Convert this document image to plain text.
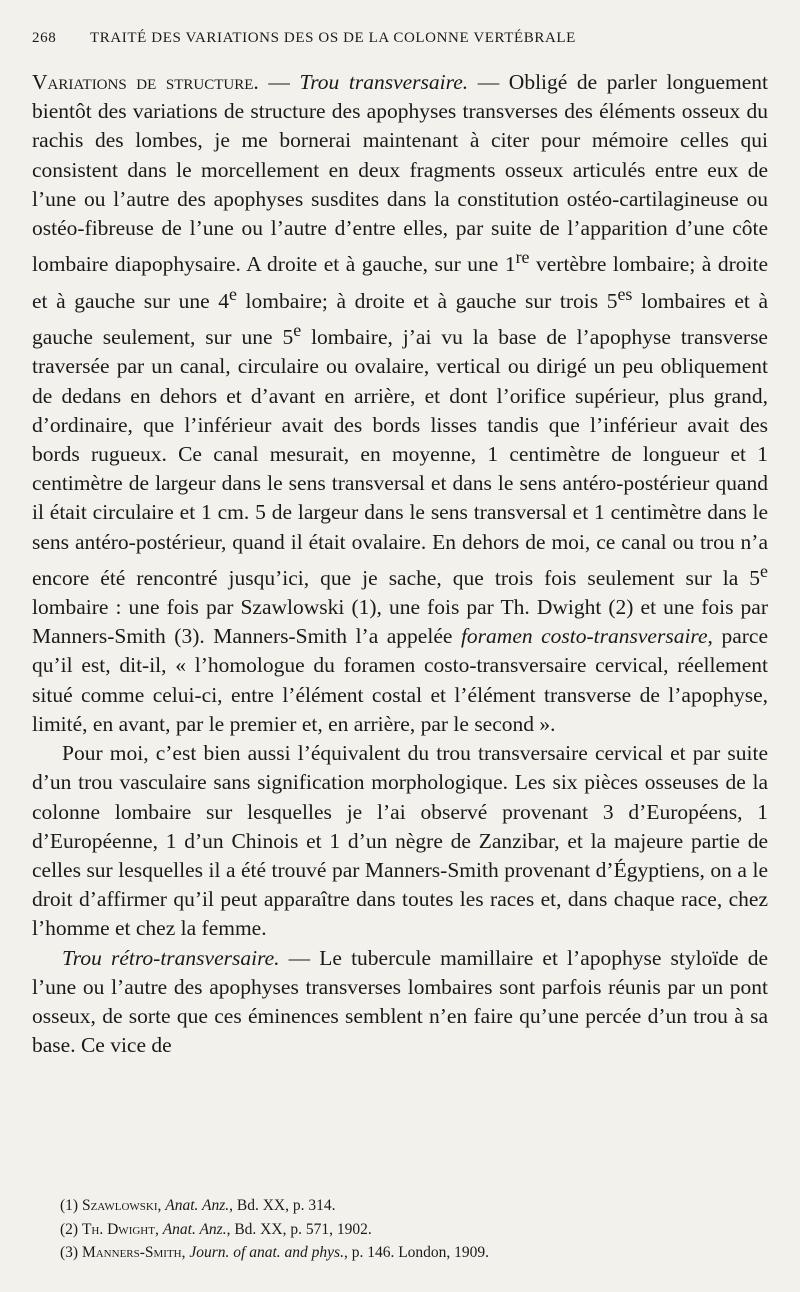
268 TRAITÉ DES VARIATIONS DES OS DE LA COLONNE VERTÉBRALE

Variations de structure. — Trou transversaire. — Obligé de parler longuement bientôt des variations de structure des apophyses transverses des éléments osseux du rachis des lombes, je me bornerai maintenant à citer pour mémoire celles qui consistent dans le morcellement en deux fragments osseux articulés entre eux de l’une ou l’autre des apophyses susdites dans la constitution ostéo-cartilagineuse ou ostéo-fibreuse de l’une ou l’autre d’entre elles, par suite de l’apparition d’une côte lombaire diapophysaire. A droite et à gauche, sur une 1re vertèbre lombaire; à droite et à gauche sur une 4e lombaire; à droite et à gauche sur trois $5^{es}$ lombaires et à gauche seulement, sur une 5e lombaire, j’ai vu la base de l’apophyse transverse traversée par un canal, circulaire ou ovalaire, vertical ou dirigé un peu obliquement de dedans en dehors et d’avant en arrière, et dont l’orifice supérieur, plus grand, d’ordinaire, que l’inférieur avait des bords lisses tandis que l’inférieur avait des bords rugueux. Ce canal mesurait, en moyenne, 1 centimètre de longueur et 1 centimètre de largeur dans le sens transversal et dans le sens antéro-postérieur quand il était circulaire et 1 cm. 5 de largeur dans le sens transversal et 1 centimètre dans le sens antéro-postérieur, quand il était ovalaire. En dehors de moi, ce canal ou trou n’a encore été rencontré jusqu’ici, que je sache, que trois fois seulement sur la 5e lombaire : une fois par Szawlowski (1), une fois par Th. Dwight (2) et une fois par Manners-Smith (3). Manners-Smith l’a appelée foramen costo-transversaire, parce qu’il est, dit-il, « l’homologue du foramen costo-transversaire cervical, réellement situé comme celui-ci, entre l’élément costal et l’élément transverse de l’apophyse, limité, en avant, par le premier et, en arrière, par le second ».

Pour moi, c’est bien aussi l’équivalent du trou transversaire cervical et par suite d’un trou vasculaire sans signification morphologique. Les six pièces osseuses de la colonne lombaire sur lesquelles je l’ai observé provenant 3 d’Européens, 1 d’Européenne, 1 d’un Chinois et 1 d’un nègre de Zanzibar, et la majeure partie de celles sur lesquelles il a été trouvé par Manners-Smith provenant d’Égyptiens, on a le droit d’affirmer qu’il peut apparaître dans toutes les races et, dans chaque race, chez l’homme et chez la femme.

Trou rétro-transversaire. — Le tubercule mamillaire et l’apophyse styloïde de l’une ou l’autre des apophyses transverses lombaires sont parfois réunis par un pont osseux, de sorte que ces éminences semblent n’en faire qu’une percée d’un trou à sa base. Ce vice de

(1) Szawlowski, Anat. Anz., Bd. XX, p. 314.
(2) Th. Dwight, Anat. Anz., Bd. XX, p. 571, 1902.
(3) Manners-Smith, Journ. of anat. and phys., p. 146. London, 1909.
